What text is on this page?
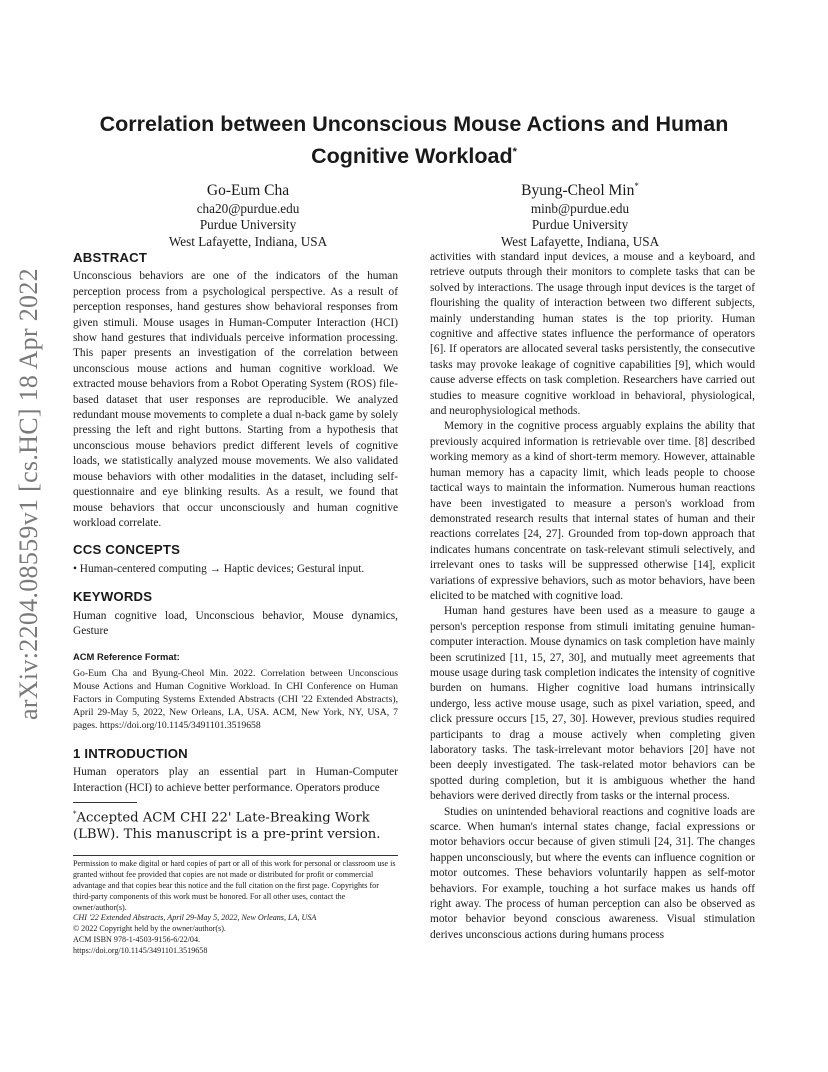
arXiv:2204.08559v1 [cs.HC] 18 Apr 2022
Correlation between Unconscious Mouse Actions and Human Cognitive Workload*
Go-Eum Cha
cha20@purdue.edu
Purdue University
West Lafayette, Indiana, USA
Byung-Cheol Min*
minb@purdue.edu
Purdue University
West Lafayette, Indiana, USA
ABSTRACT

Unconscious behaviors are one of the indicators of the human perception process from a psychological perspective. As a result of perception responses, hand gestures show behavioral responses from given stimuli. Mouse usages in Human-Computer Interaction (HCI) show hand gestures that individuals perceive information processing. This paper presents an investigation of the correlation between unconscious mouse actions and human cognitive workload. We extracted mouse behaviors from a Robot Operating System (ROS) file-based dataset that user responses are reproducible. We analyzed redundant mouse movements to complete a dual n-back game by solely pressing the left and right buttons. Starting from a hypothesis that unconscious mouse behaviors predict different levels of cognitive loads, we statistically analyzed mouse movements. We also validated mouse behaviors with other modalities in the dataset, including self-questionnaire and eye blinking results. As a result, we found that mouse behaviors that occur unconsciously and human cognitive workload correlate.

CCS CONCEPTS

• Human-centered computing → Haptic devices; Gestural input.

KEYWORDS

Human cognitive load, Unconscious behavior, Mouse dynamics, Gesture

ACM Reference Format:

Go-Eum Cha and Byung-Cheol Min. 2022. Correlation between Unconscious Mouse Actions and Human Cognitive Workload. In CHI Conference on Human Factors in Computing Systems Extended Abstracts (CHI '22 Extended Abstracts), April 29-May 5, 2022, New Orleans, LA, USA. ACM, New York, NY, USA, 7 pages. https://doi.org/10.1145/3491101.3519658

1 INTRODUCTION

Human operators play an essential part in Human-Computer Interaction (HCI) to achieve better performance. Operators produce

*Accepted ACM CHI 22' Late-Breaking Work (LBW). This manuscript is a pre-print version.

Permission to make digital or hard copies of part or all of this work for personal or classroom use is granted without fee provided that copies are not made or distributed for profit or commercial advantage and that copies bear this notice and the full citation on the first page. Copyrights for third-party components of this work must be honored. For all other uses, contact the owner/author(s).

CHI '22 Extended Abstracts, April 29-May 5, 2022, New Orleans, LA, USA

© 2022 Copyright held by the owner/author(s).

ACM ISBN 978-1-4503-9156-6/22/04.

https://doi.org/10.1145/3491101.3519658

activities with standard input devices, a mouse and a keyboard, and retrieve outputs through their monitors to complete tasks that can be solved by interactions. The usage through input devices is the target of flourishing the quality of interaction between two different subjects, mainly understanding human states is the top priority. Human cognitive and affective states influence the performance of operators [6]. If operators are allocated several tasks persistently, the consecutive tasks may provoke leakage of cognitive capabilities [9], which would cause adverse effects on task completion. Researchers have carried out studies to measure cognitive workload in behavioral, physiological, and neurophysiological methods.

Memory in the cognitive process arguably explains the ability that previously acquired information is retrievable over time. [8] described working memory as a kind of short-term memory. However, attainable human memory has a capacity limit, which leads people to choose tactical ways to maintain the information. Numerous human reactions have been investigated to measure a person's workload from demonstrated research results that internal states of human and their reactions correlates [24, 27]. Grounded from top-down approach that indicates humans concentrate on task-relevant stimuli selectively, and irrelevant ones to tasks will be suppressed otherwise [14], explicit variations of expressive behaviors, such as motor behaviors, have been elicited to be matched with cognitive load.

Human hand gestures have been used as a measure to gauge a person's perception response from stimuli imitating genuine human-computer interaction. Mouse dynamics on task completion have mainly been scrutinized [11, 15, 27, 30], and mutually meet agreements that mouse usage during task completion indicates the intensity of cognitive burden on humans. Higher cognitive load humans intrinsically undergo, less active mouse usage, such as pixel variation, speed, and click pressure occurs [15, 27, 30]. However, previous studies required participants to drag a mouse actively when completing given laboratory tasks. The task-irrelevant motor behaviors [20] have not been deeply investigated. The task-related motor behaviors can be spotted during completion, but it is ambiguous whether the hand behaviors were derived directly from tasks or the internal process.

Studies on unintended behavioral reactions and cognitive loads are scarce. When human's internal states change, facial expressions or motor behaviors occur because of given stimuli [24, 31]. The changes happen unconsciously, but where the events can influence cognition or motor outcomes. These behaviors voluntarily happen as self-motor behaviors. For example, touching a hot surface makes us hands off right away. The process of human perception can also be observed as motor behavior beyond conscious awareness. Visual stimulation derives unconscious actions during humans process
